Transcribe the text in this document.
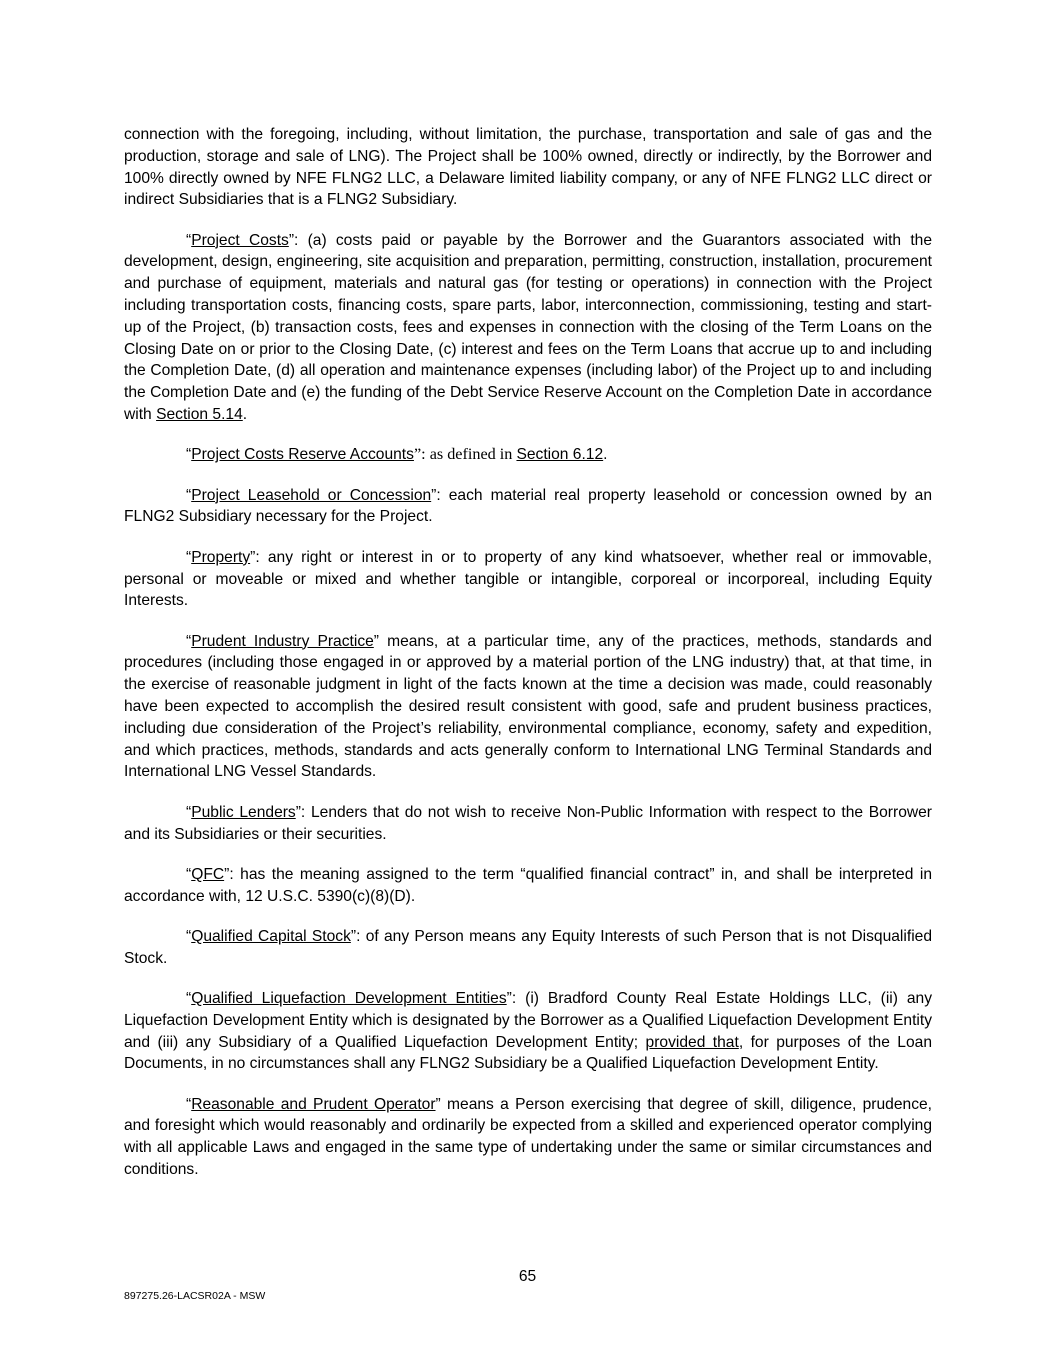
connection with the foregoing, including, without limitation, the purchase, transportation and sale of gas and the production, storage and sale of LNG). The Project shall be 100% owned, directly or indirectly, by the Borrower and 100% directly owned by NFE FLNG2 LLC, a Delaware limited liability company, or any of NFE FLNG2 LLC direct or indirect Subsidiaries that is a FLNG2 Subsidiary.

“Project Costs”: (a) costs paid or payable by the Borrower and the Guarantors associated with the development, design, engineering, site acquisition and preparation, permitting, construction, installation, procurement and purchase of equipment, materials and natural gas (for testing or operations) in connection with the Project including transportation costs, financing costs, spare parts, labor, interconnection, commissioning, testing and start-up of the Project, (b) transaction costs, fees and expenses in connection with the closing of the Term Loans on the Closing Date on or prior to the Closing Date, (c) interest and fees on the Term Loans that accrue up to and including the Completion Date, (d) all operation and maintenance expenses (including labor) of the Project up to and including the Completion Date and (e) the funding of the Debt Service Reserve Account on the Completion Date in accordance with Section 5.14.

“Project Costs Reserve Accounts”: as defined in Section 6.12.

“Project Leasehold or Concession”: each material real property leasehold or concession owned by an FLNG2 Subsidiary necessary for the Project.

“Property”: any right or interest in or to property of any kind whatsoever, whether real or immovable, personal or moveable or mixed and whether tangible or intangible, corporeal or incorporeal, including Equity Interests.

“Prudent Industry Practice” means, at a particular time, any of the practices, methods, standards and procedures (including those engaged in or approved by a material portion of the LNG industry) that, at that time, in the exercise of reasonable judgment in light of the facts known at the time a decision was made, could reasonably have been expected to accomplish the desired result consistent with good, safe and prudent business practices, including due consideration of the Project’s reliability, environmental compliance, economy, safety and expedition, and which practices, methods, standards and acts generally conform to International LNG Terminal Standards and International LNG Vessel Standards.

“Public Lenders”: Lenders that do not wish to receive Non-Public Information with respect to the Borrower and its Subsidiaries or their securities.

“QFC”: has the meaning assigned to the term “qualified financial contract” in, and shall be interpreted in accordance with, 12 U.S.C. 5390(c)(8)(D).

“Qualified Capital Stock”: of any Person means any Equity Interests of such Person that is not Disqualified Stock.

“Qualified Liquefaction Development Entities”: (i) Bradford County Real Estate Holdings LLC, (ii) any Liquefaction Development Entity which is designated by the Borrower as a Qualified Liquefaction Development Entity and (iii) any Subsidiary of a Qualified Liquefaction Development Entity; provided that, for purposes of the Loan Documents, in no circumstances shall any FLNG2 Subsidiary be a Qualified Liquefaction Development Entity.

“Reasonable and Prudent Operator” means a Person exercising that degree of skill, diligence, prudence, and foresight which would reasonably and ordinarily be expected from a skilled and experienced operator complying with all applicable Laws and engaged in the same type of undertaking under the same or similar circumstances and conditions.

65
897275.26-LACSR02A - MSW
